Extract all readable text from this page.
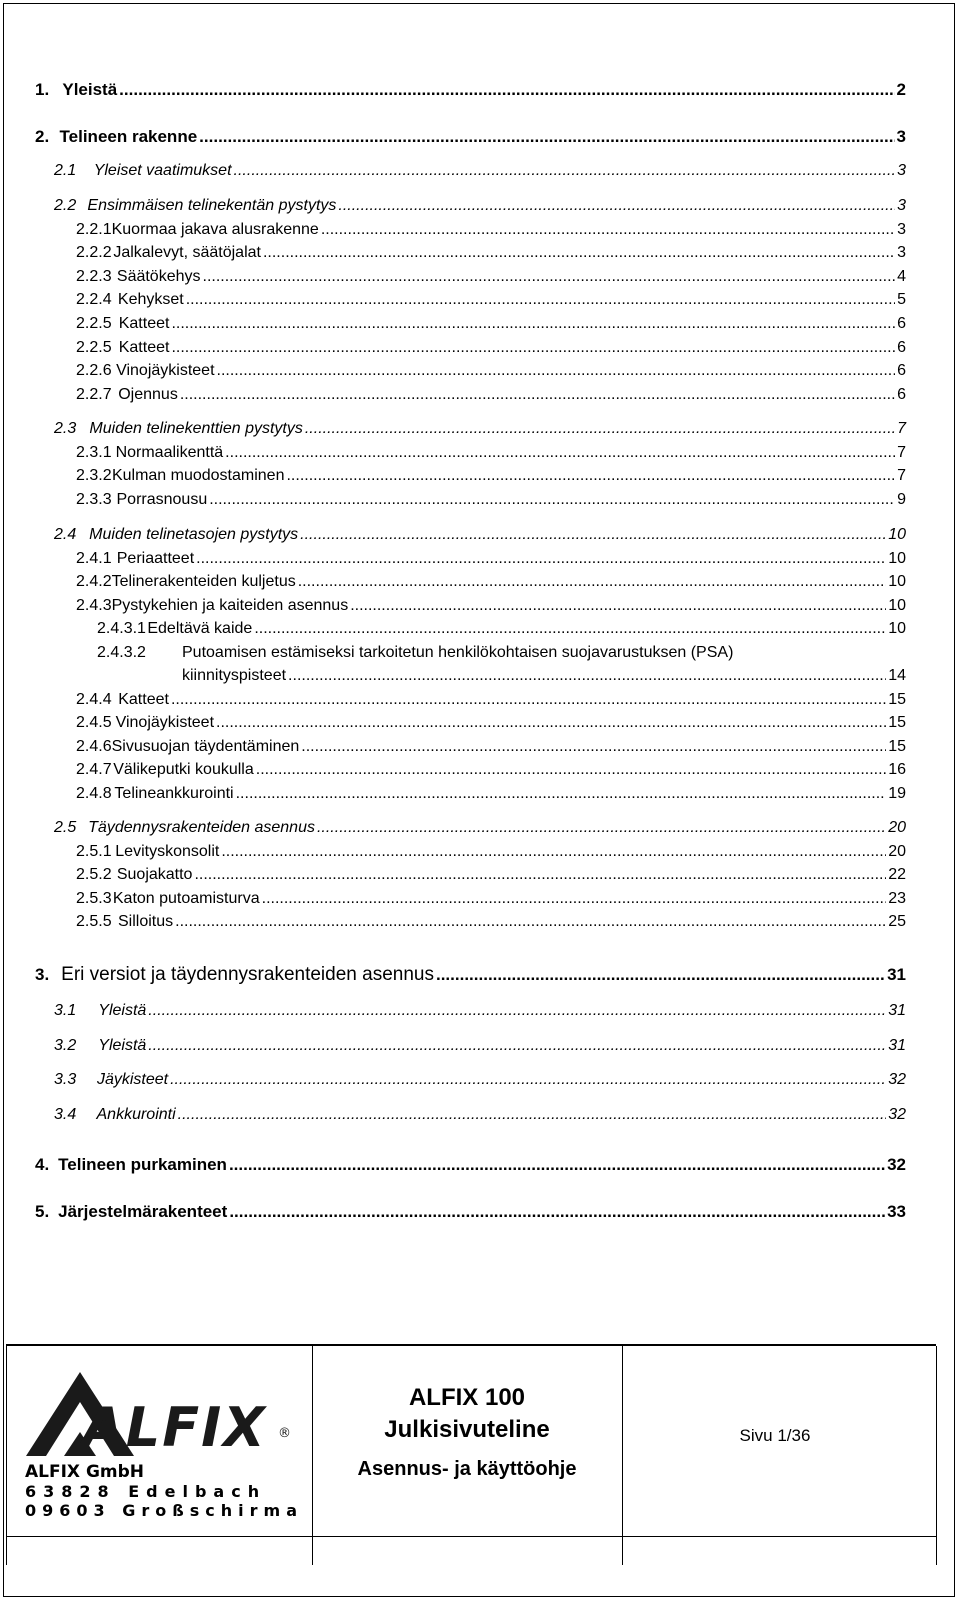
1. Yleistä .....	2
2. Telineen rakenne .....	3
2.1	Yleiset vaatimukset .....	3
2.2 Ensimmäisen telinekentän pystytys .....	3
2.2.1 Kuormaa jakava alusrakenne .....	3
2.2.2 Jalkalevyt, säätöjalat .....	3
2.2.3 Säätökehys .....	4
2.2.4 Kehykset .....	5
2.2.5 Katteet .....	6
2.2.5 Katteet .....	6
2.2.6 Vinojäykisteet .....	6
2.2.7 Ojennus .....	6
2.3 Muiden telinekenttien pystytys .....	7
2.3.1 Normaalikenttä .....	7
2.3.2 Kulman muodostaminen .....	7
2.3.3 Porrasnousu .....	9
2.4 Muiden telinetasojen pystytys .....	10
2.4.1 Periaatteet .....	10
2.4.2 Telinerakenteiden kuljetus .....	10
2.4.3 Pystykehien ja kaiteiden asennus .....	10
2.4.3.1 Edeltävä kaide .....	10
2.4.3.2	Putoamisen estämiseksi tarkoitetun henkilökohtaisen suojavarustuksen (PSA)
kiinnityspisteet .....	14
2.4.4 Katteet .....	15
2.4.5 Vinojäykisteet .....	15
2.4.6 Sivusuojan täydentäminen .....	15
2.4.7 Välikeputki koukulla .....	16
2.4.8 Telineankkurointi .....	19
2.5 Täydennysrakenteiden asennus .....	20
2.5.1 Levityskonsolit .....	20
2.5.2 Suojakatto .....	22
2.5.3 Katon putoamisturva .....	23
2.5.5 Silloitus .....	25
3. Eri versiot ja täydennysrakenteiden asennus .....	31
3.1	Yleistä .....	31
3.2	Yleistä .....	31
3.3	Jäykisteet .....	32
3.4	Ankkurointi .....	32
4. Telineen purkaminen .....	32
5. Järjestelmärakenteet .....	33
ALFIX ®
ALFIX GmbH
63828 Edelbach
09603 Großschirma
ALFIX 100
Julkisivuteline
Asennus- ja käyttöohje
Sivu 1/36
